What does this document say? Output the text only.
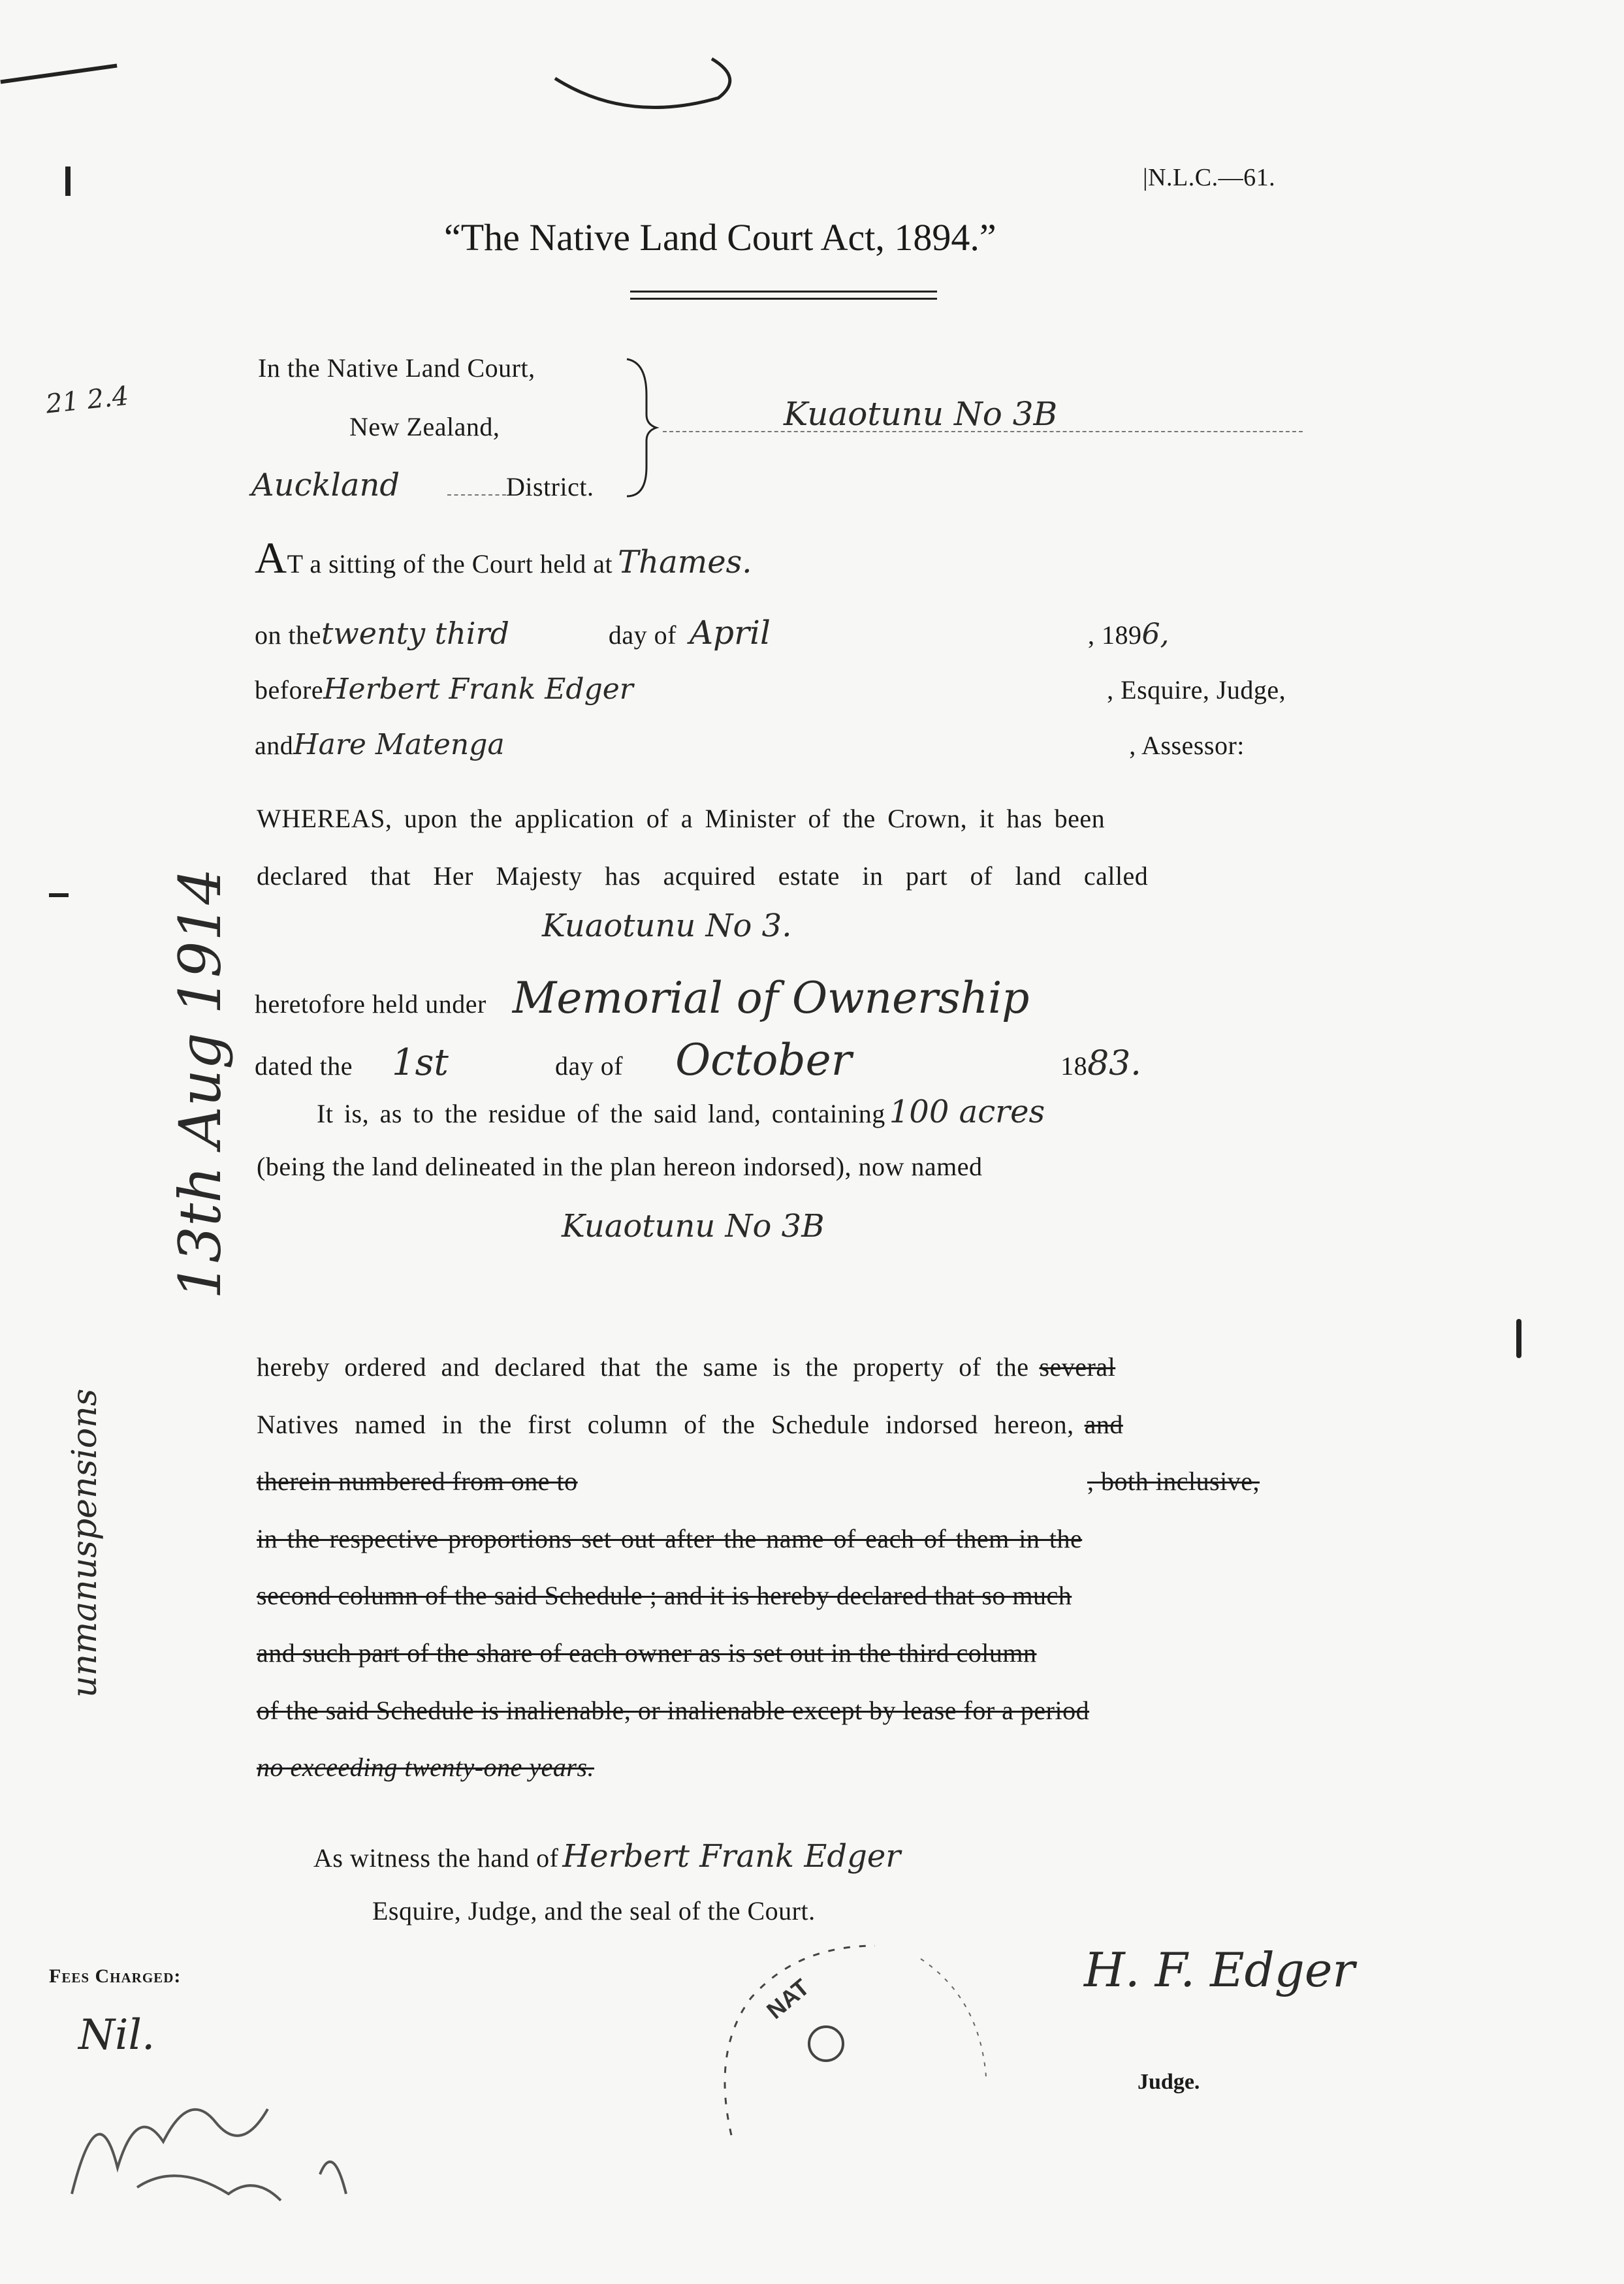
|N.L.C.—61.
“The Native Land Court Act, 1894.”
In the Native Land Court,
New Zealand,
Auckland	District.
Kuaotunu No 3B
A T a sitting of the Court held at Thames.
on the twenty third	day of April	, 189 6,
before Herbert Frank Edger	, Esquire, Judge,
and Hare Matenga	, Assessor:
WHEREAS, upon the application of a Minister of the Crown, it has been
declared that Her Majesty has acquired estate in part of land called
Kuaotunu No 3.
heretofore held under Memorial of Ownership
dated the 1st	day of October	18 83.
It is, as to the residue of the said land, containing 100 acres
(being the land delineated in the plan hereon indorsed), now named
Kuaotunu No 3B
hereby ordered and declared that the same is the property of the several
Natives named in the first column of the Schedule indorsed hereon, and
therein numbered from one to	, both inclusive,
in the respective proportions set out after the name of each of them in the
second column of the said Schedule ; and it is hereby declared that so much
and such part of the share of each owner as is set out in the third column
of the said Schedule is inalienable, or inalienable except by lease for a period
no exceeding twenty-one years.
As witness the hand of Herbert Frank Edger
Esquire, Judge, and the seal of the Court.
Fees Charged:
Nil.
NAT
H. F. Edger
Judge.
21 2.4
13th Aug 1914
unmanuspensions
